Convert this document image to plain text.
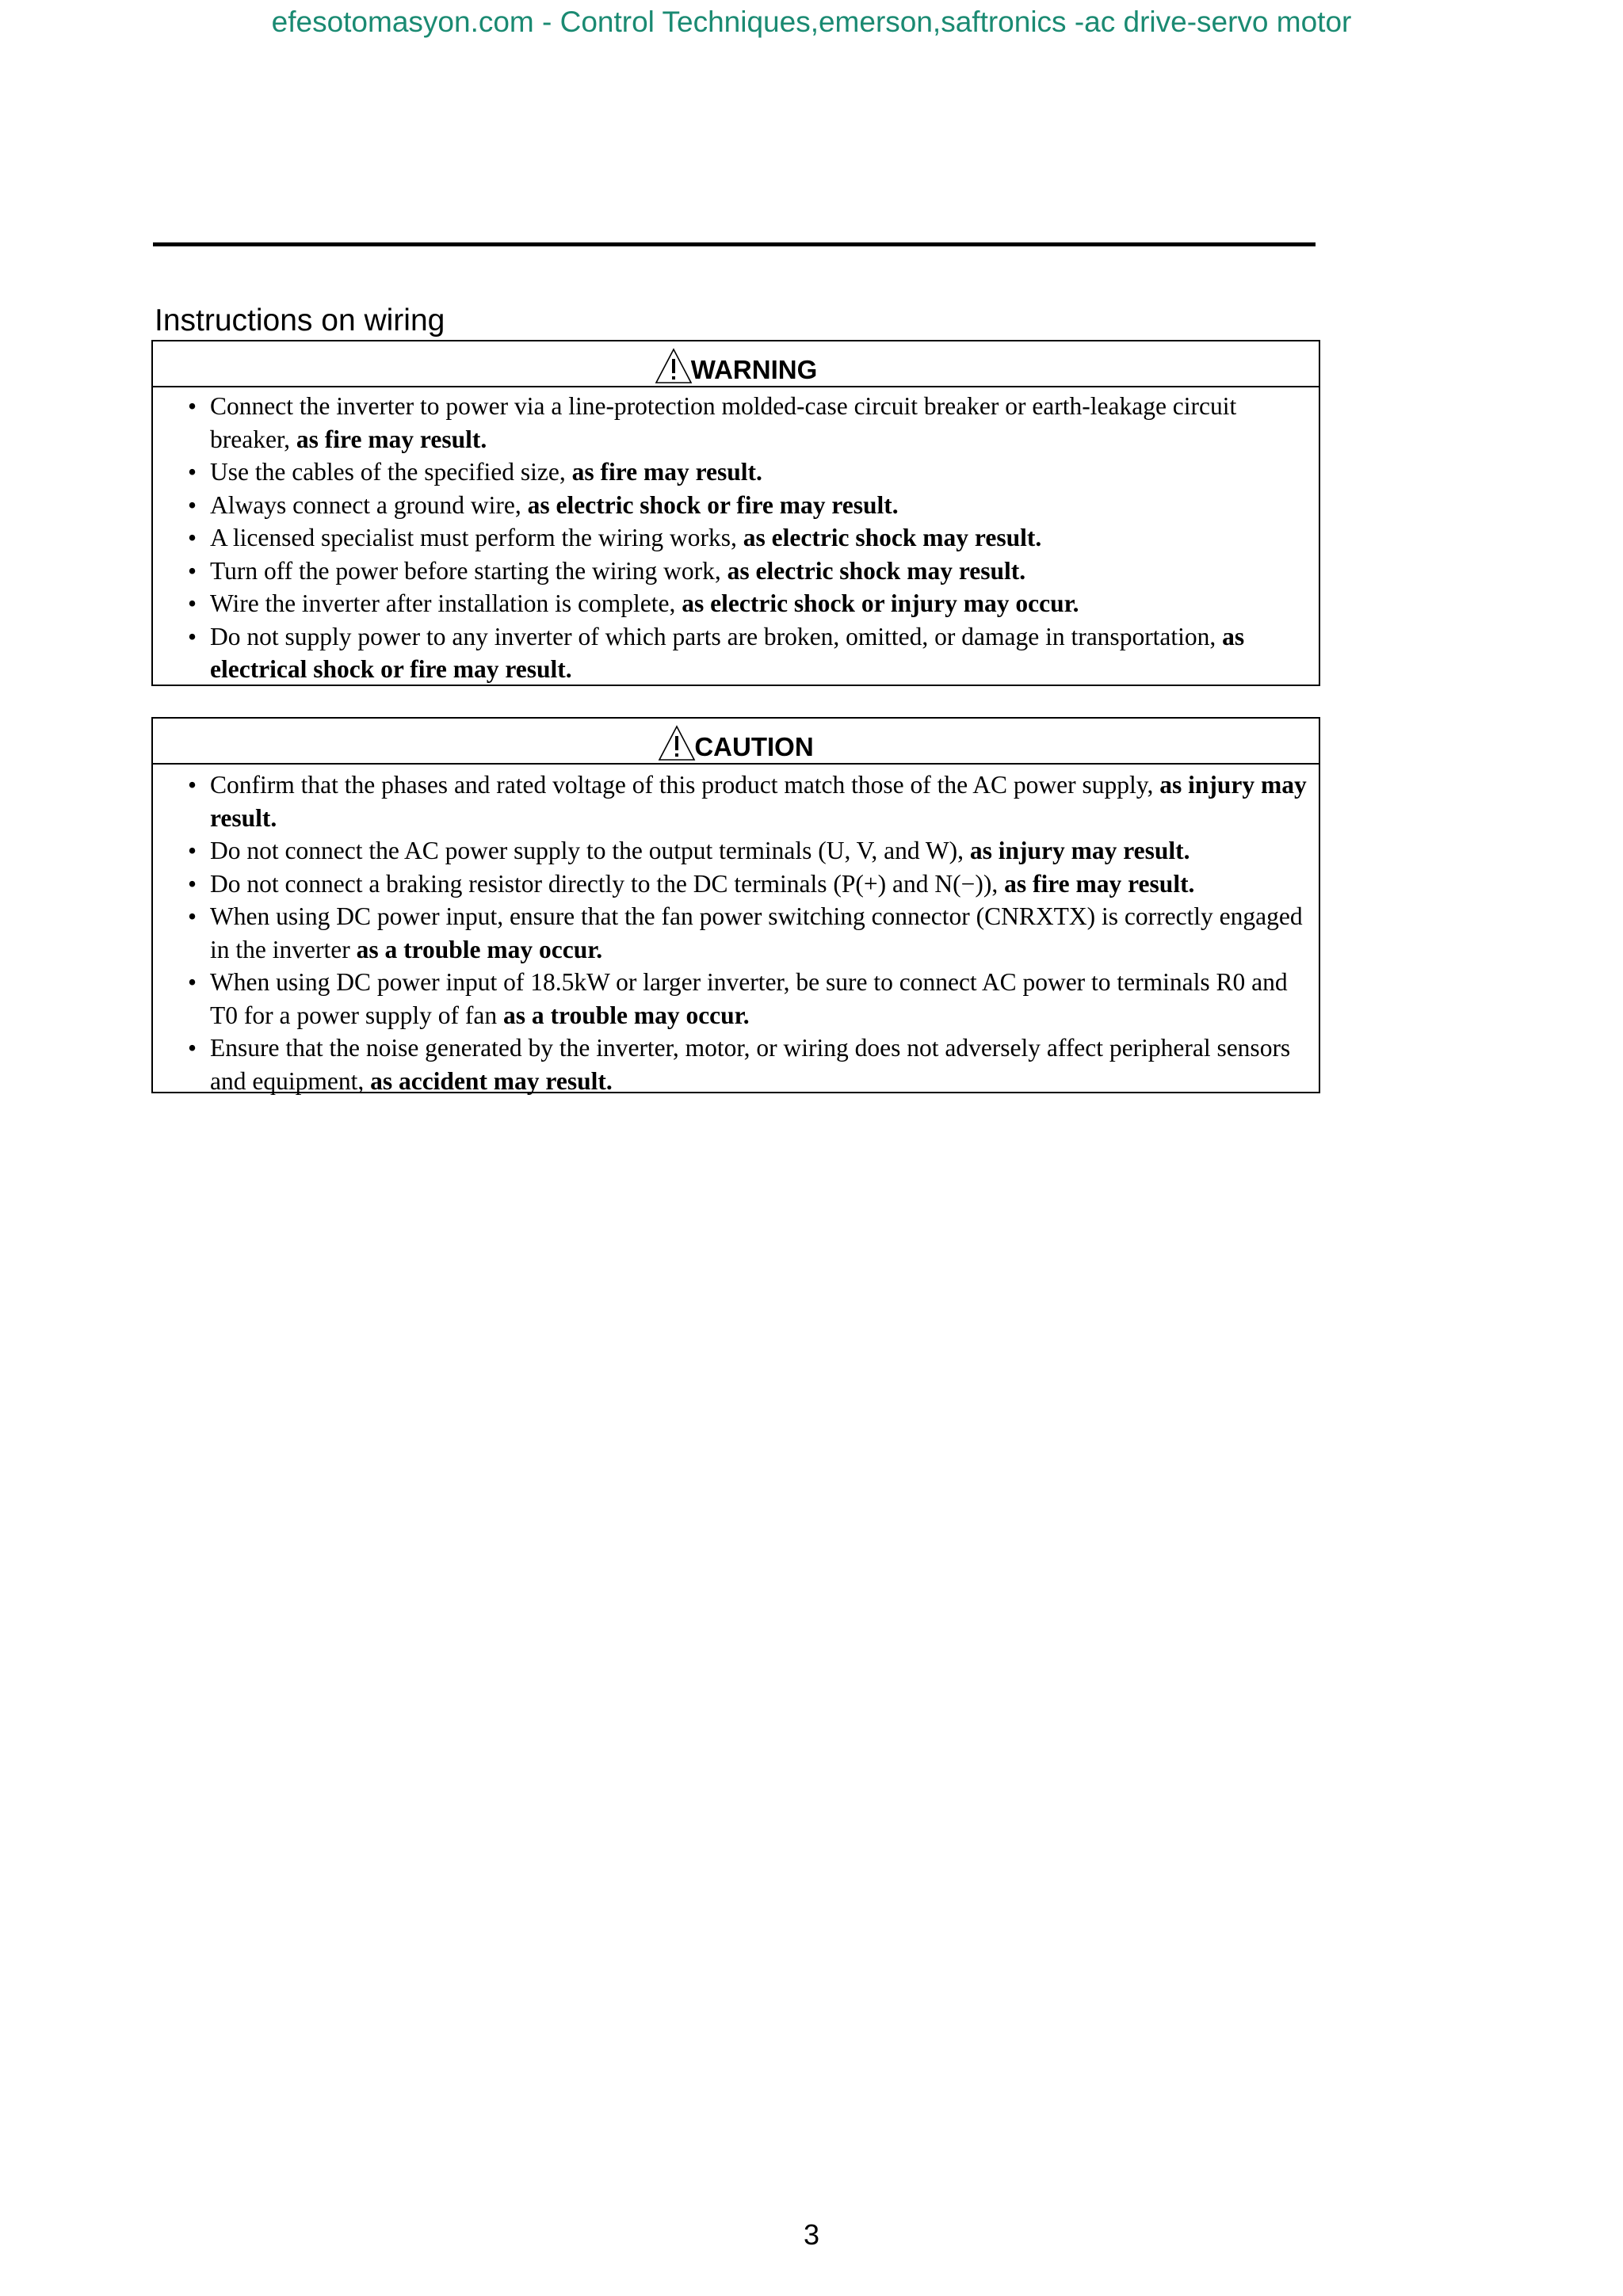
efesotomasyon.com - Control Techniques,emerson,saftronics -ac drive-servo motor
Instructions on wiring
WARNING
• Connect the inverter to power via a line-protection molded-case circuit breaker or earth-leakage circuit breaker, as fire may result.
• Use the cables of the specified size, as fire may result.
• Always connect a ground wire, as electric shock or fire may result.
• A licensed specialist must perform the wiring works, as electric shock may result.
• Turn off the power before starting the wiring work, as electric shock may result.
• Wire the inverter after installation is complete, as electric shock or injury may occur.
• Do not supply power to any inverter of which parts are broken, omitted, or damage in transportation, as electrical shock or fire may result.
CAUTION
• Confirm that the phases and rated voltage of this product match those of the AC power supply, as injury may result.
• Do not connect the AC power supply to the output terminals (U, V, and W), as injury may result.
• Do not connect a braking resistor directly to the DC terminals (P(+) and N(−)), as fire may result.
• When using DC power input, ensure that the fan power switching connector (CNRXTX) is correctly engaged in the inverter as a trouble may occur.
• When using DC power input of 18.5kW or larger inverter, be sure to connect AC power to terminals R0 and T0 for a power supply of fan as a trouble may occur.
• Ensure that the noise generated by the inverter, motor, or wiring does not adversely affect peripheral sensors and equipment, as accident may result.
3
